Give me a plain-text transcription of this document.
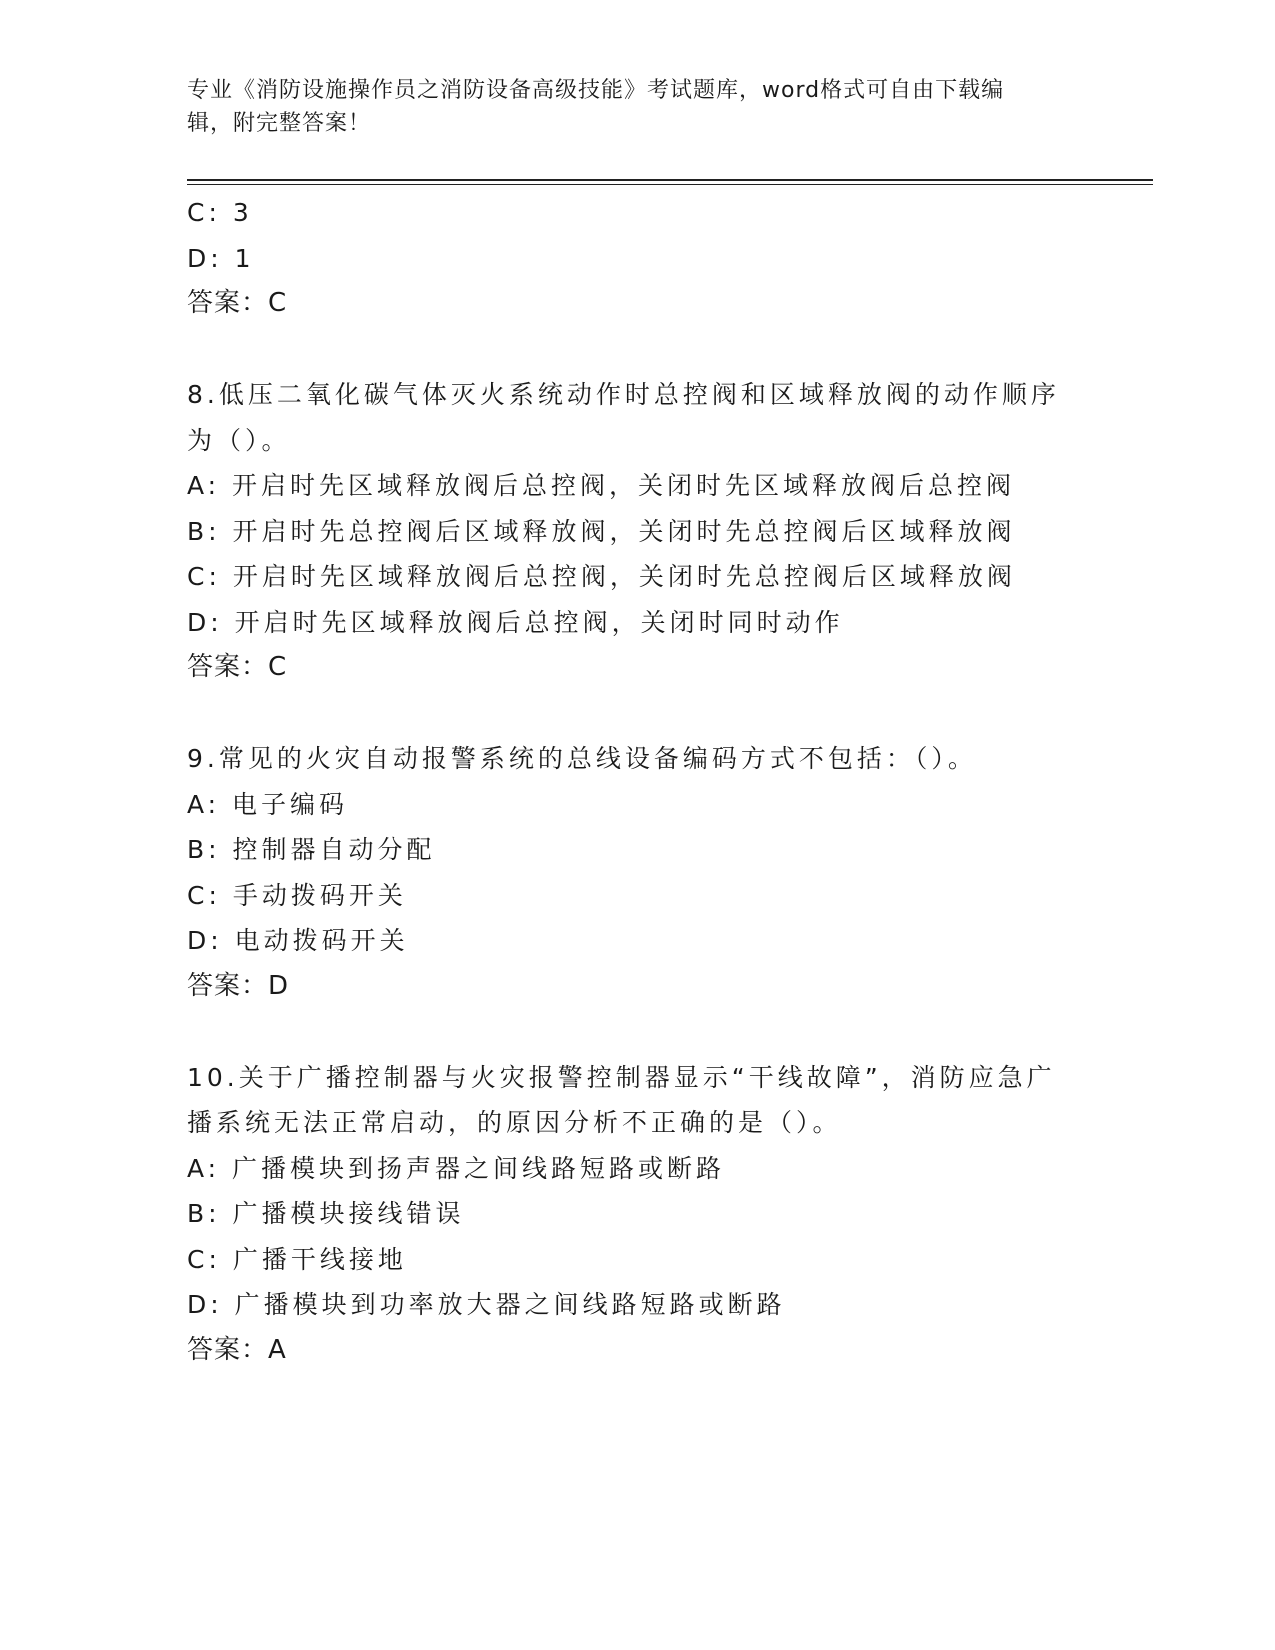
专业《消防设施操作员之消防设备高级技能》考试题库，word格式可自由下载编
辑，附完整答案！
C: 3
D: 1
答案：C
8.低压二氧化碳气体灭火系统动作时总控阀和区域释放阀的动作顺序
为（）。
A: 开启时先区域释放阀后总控阀，关闭时先区域释放阀后总控阀
B: 开启时先总控阀后区域释放阀，关闭时先总控阀后区域释放阀
C: 开启时先区域释放阀后总控阀，关闭时先总控阀后区域释放阀
D: 开启时先区域释放阀后总控阀，关闭时同时动作
答案：C
9.常见的火灾自动报警系统的总线设备编码方式不包括：（）。
A: 电子编码
B: 控制器自动分配
C: 手动拨码开关
D: 电动拨码开关
答案：D
10.关于广播控制器与火灾报警控制器显示“干线故障”，消防应急广
播系统无法正常启动，的原因分析不正确的是（）。
A: 广播模块到扬声器之间线路短路或断路
B: 广播模块接线错误
C: 广播干线接地
D: 广播模块到功率放大器之间线路短路或断路
答案：A
